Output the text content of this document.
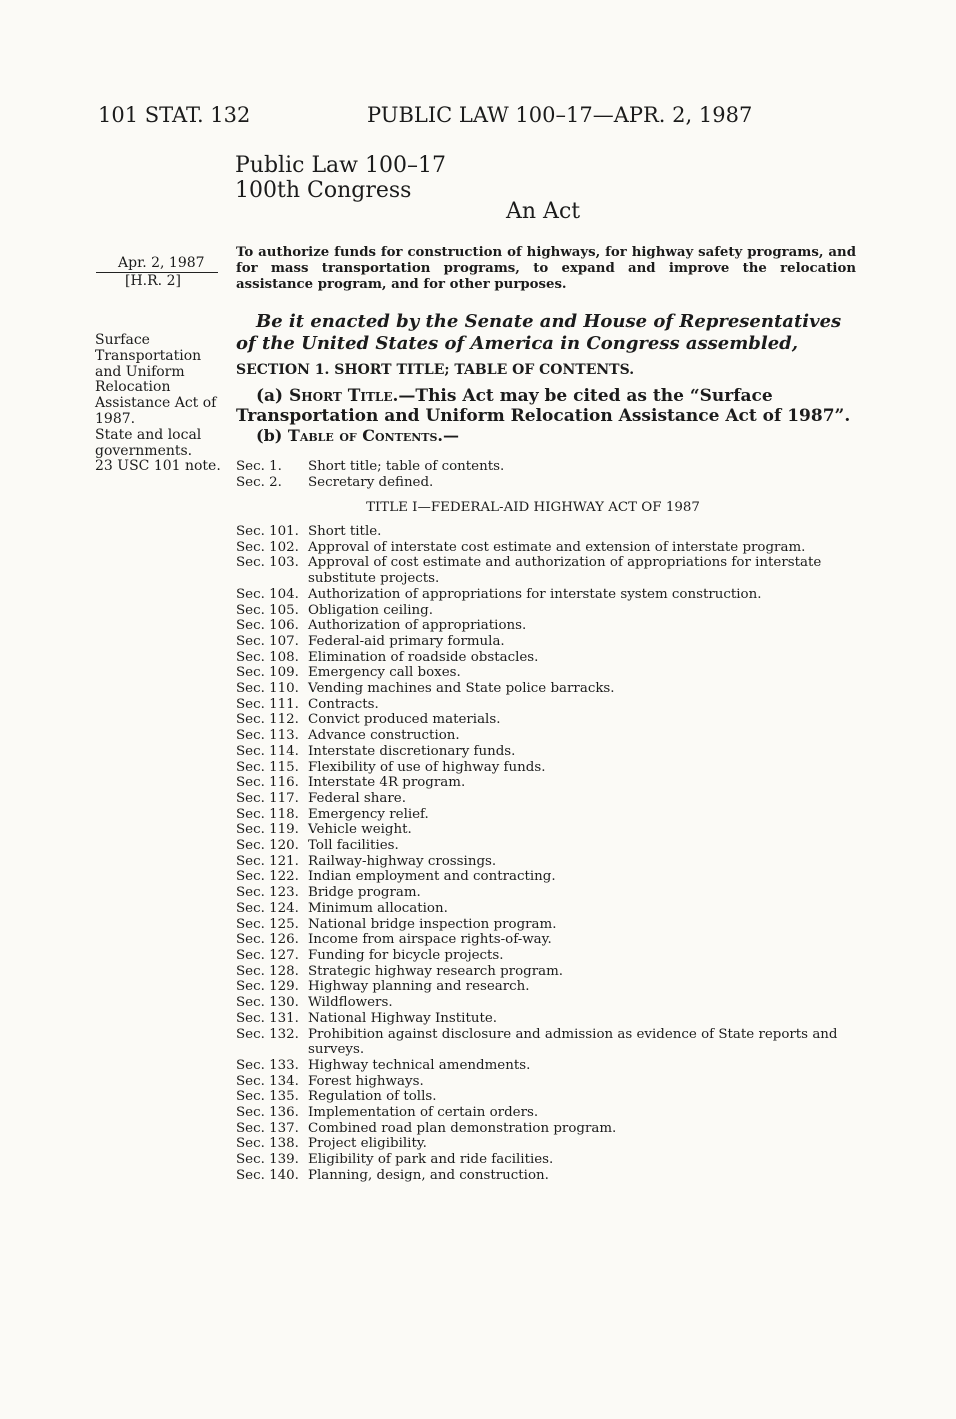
101 STAT. 132	PUBLIC LAW 100–17—APR. 2, 1987
Public Law 100–17
100th Congress
An Act
Apr. 2, 1987
[H.R. 2]
Surface
Transportation
and Uniform
Relocation
Assistance Act of
1987.
State and local
governments.
23 USC 101 note.
To authorize funds for construction of highways, for highway safety programs, and for mass transportation programs, to expand and improve the relocation assistance program, and for other purposes.
Be it enacted by the Senate and House of Representatives of the United States of America in Congress assembled,
SECTION 1. SHORT TITLE; TABLE OF CONTENTS.
(a) Short Title.—This Act may be cited as the “Surface Transportation and Uniform Relocation Assistance Act of 1987”.
(b) Table of Contents.—
Sec. 1.	Short title; table of contents.
Sec. 2.	Secretary defined.
TITLE I—FEDERAL-AID HIGHWAY ACT OF 1987
Sec. 101. Short title.
Sec. 102. Approval of interstate cost estimate and extension of interstate program.
Sec. 103. Approval of cost estimate and authorization of appropriations for interstate substitute projects.
Sec. 104. Authorization of appropriations for interstate system construction.
Sec. 105. Obligation ceiling.
Sec. 106. Authorization of appropriations.
Sec. 107. Federal-aid primary formula.
Sec. 108. Elimination of roadside obstacles.
Sec. 109. Emergency call boxes.
Sec. 110. Vending machines and State police barracks.
Sec. 111. Contracts.
Sec. 112. Convict produced materials.
Sec. 113. Advance construction.
Sec. 114. Interstate discretionary funds.
Sec. 115. Flexibility of use of highway funds.
Sec. 116. Interstate 4R program.
Sec. 117. Federal share.
Sec. 118. Emergency relief.
Sec. 119. Vehicle weight.
Sec. 120. Toll facilities.
Sec. 121. Railway-highway crossings.
Sec. 122. Indian employment and contracting.
Sec. 123. Bridge program.
Sec. 124. Minimum allocation.
Sec. 125. National bridge inspection program.
Sec. 126. Income from airspace rights-of-way.
Sec. 127. Funding for bicycle projects.
Sec. 128. Strategic highway research program.
Sec. 129. Highway planning and research.
Sec. 130. Wildflowers.
Sec. 131. National Highway Institute.
Sec. 132. Prohibition against disclosure and admission as evidence of State reports and surveys.
Sec. 133. Highway technical amendments.
Sec. 134. Forest highways.
Sec. 135. Regulation of tolls.
Sec. 136. Implementation of certain orders.
Sec. 137. Combined road plan demonstration program.
Sec. 138. Project eligibility.
Sec. 139. Eligibility of park and ride facilities.
Sec. 140. Planning, design, and construction.
